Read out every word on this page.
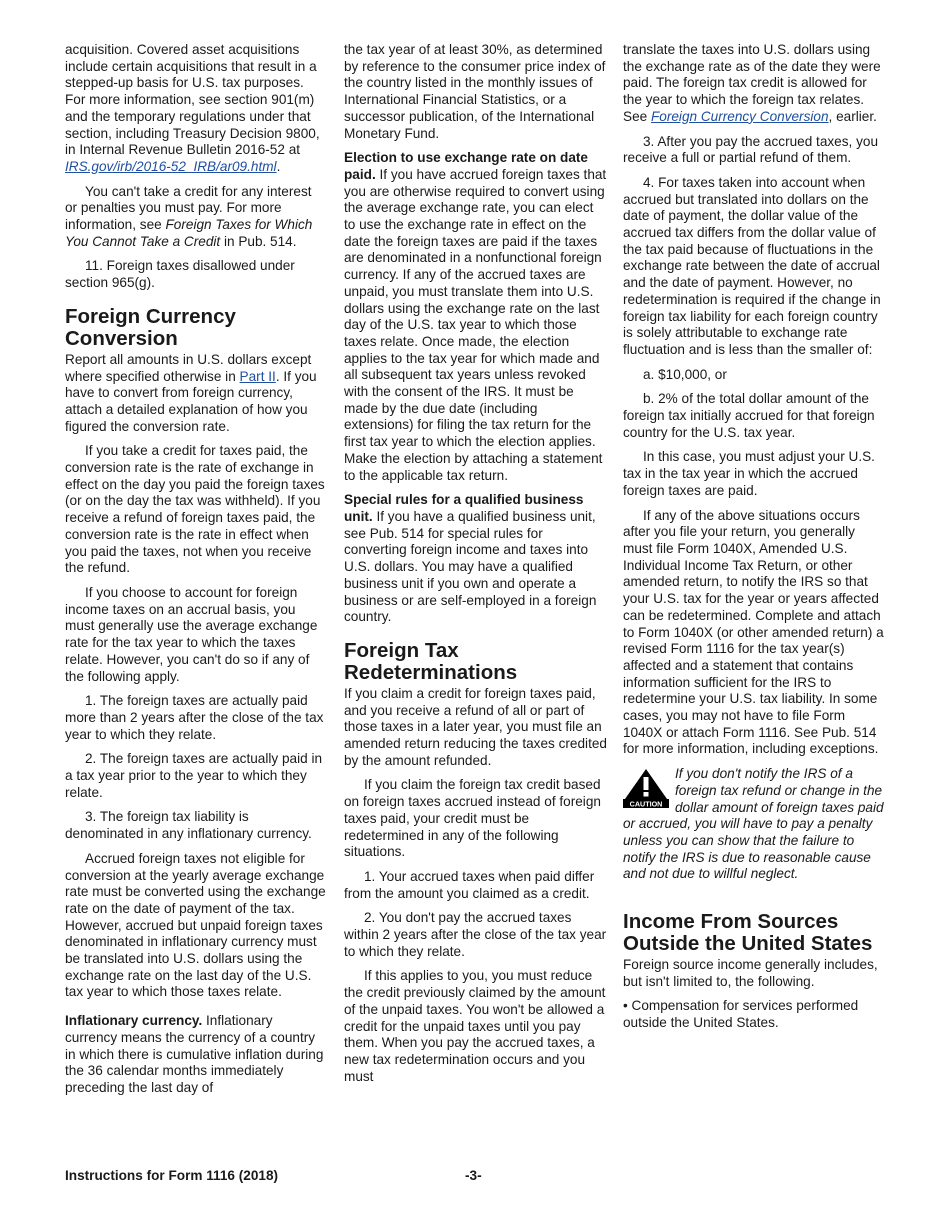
acquisition. Covered asset acquisitions include certain acquisitions that result in a stepped-up basis for U.S. tax purposes. For more information, see section 901(m) and the temporary regulations under that section, including Treasury Decision 9800, in Internal Revenue Bulletin 2016-52 at IRS.gov/irb/2016-52_IRB/ar09.html.

You can't take a credit for any interest or penalties you must pay. For more information, see Foreign Taxes for Which You Cannot Take a Credit in Pub. 514.

11. Foreign taxes disallowed under section 965(g).

Foreign Currency Conversion

Report all amounts in U.S. dollars except where specified otherwise in Part II. If you have to convert from foreign currency, attach a detailed explanation of how you figured the conversion rate.

If you take a credit for taxes paid, the conversion rate is the rate of exchange in effect on the day you paid the foreign taxes (or on the day the tax was withheld). If you receive a refund of foreign taxes paid, the conversion rate is the rate in effect when you paid the taxes, not when you receive the refund.

If you choose to account for foreign income taxes on an accrual basis, you must generally use the average exchange rate for the tax year to which the taxes relate. However, you can't do so if any of the following apply.

1. The foreign taxes are actually paid more than 2 years after the close of the tax year to which they relate.

2. The foreign taxes are actually paid in a tax year prior to the year to which they relate.

3. The foreign tax liability is denominated in any inflationary currency.

Accrued foreign taxes not eligible for conversion at the yearly average exchange rate must be converted using the exchange rate on the date of payment of the tax. However, accrued but unpaid foreign taxes denominated in inflationary currency must be translated into U.S. dollars using the exchange rate on the last day of the U.S. tax year to which those taxes relate.

Inflationary currency. Inflationary currency means the currency of a country in which there is cumulative inflation during the 36 calendar months immediately preceding the last day of

the tax year of at least 30%, as determined by reference to the consumer price index of the country listed in the monthly issues of International Financial Statistics, or a successor publication, of the International Monetary Fund.

Election to use exchange rate on date paid. If you have accrued foreign taxes that you are otherwise required to convert using the average exchange rate, you can elect to use the exchange rate in effect on the date the foreign taxes are paid if the taxes are denominated in a nonfunctional foreign currency. If any of the accrued taxes are unpaid, you must translate them into U.S. dollars using the exchange rate on the last day of the U.S. tax year to which those taxes relate. Once made, the election applies to the tax year for which made and all subsequent tax years unless revoked with the consent of the IRS. It must be made by the due date (including extensions) for filing the tax return for the first tax year to which the election applies. Make the election by attaching a statement to the applicable tax return.

Special rules for a qualified business unit. If you have a qualified business unit, see Pub. 514 for special rules for converting foreign income and taxes into U.S. dollars. You may have a qualified business unit if you own and operate a business or are self-employed in a foreign country.

Foreign Tax Redeterminations

If you claim a credit for foreign taxes paid, and you receive a refund of all or part of those taxes in a later year, you must file an amended return reducing the taxes credited by the amount refunded.

If you claim the foreign tax credit based on foreign taxes accrued instead of foreign taxes paid, your credit must be redetermined in any of the following situations.

1. Your accrued taxes when paid differ from the amount you claimed as a credit.

2. You don't pay the accrued taxes within 2 years after the close of the tax year to which they relate.

If this applies to you, you must reduce the credit previously claimed by the amount of the unpaid taxes. You won't be allowed a credit for the unpaid taxes until you pay them. When you pay the accrued taxes, a new tax redetermination occurs and you must

translate the taxes into U.S. dollars using the exchange rate as of the date they were paid. The foreign tax credit is allowed for the year to which the foreign tax relates. See Foreign Currency Conversion, earlier.

3. After you pay the accrued taxes, you receive a full or partial refund of them.

4. For taxes taken into account when accrued but translated into dollars on the date of payment, the dollar value of the accrued tax differs from the dollar value of the tax paid because of fluctuations in the exchange rate between the date of accrual and the date of payment. However, no redetermination is required if the change in foreign tax liability for each foreign country is solely attributable to exchange rate fluctuation and is less than the smaller of:

a. $10,000, or

b. 2% of the total dollar amount of the foreign tax initially accrued for that foreign country for the U.S. tax year.

In this case, you must adjust your U.S. tax in the tax year in which the accrued foreign taxes are paid.

If any of the above situations occurs after you file your return, you generally must file Form 1040X, Amended U.S. Individual Income Tax Return, or other amended return, to notify the IRS so that your U.S. tax for the year or years affected can be redetermined. Complete and attach to Form 1040X (or other amended return) a revised Form 1116 for the tax year(s) affected and a statement that contains information sufficient for the IRS to redetermine your U.S. tax liability. In some cases, you may not have to file Form 1040X or attach Form 1116. See Pub. 514 for more information, including exceptions.

CAUTION
If you don't notify the IRS of a foreign tax refund or change in the dollar amount of foreign taxes paid or accrued, you will have to pay a penalty unless you can show that the failure to notify the IRS is due to reasonable cause and not due to willful neglect.
Income From Sources Outside the United States

Foreign source income generally includes, but isn't limited to, the following.

• Compensation for services performed outside the United States.

Instructions for Form 1116 (2018)	-3-
